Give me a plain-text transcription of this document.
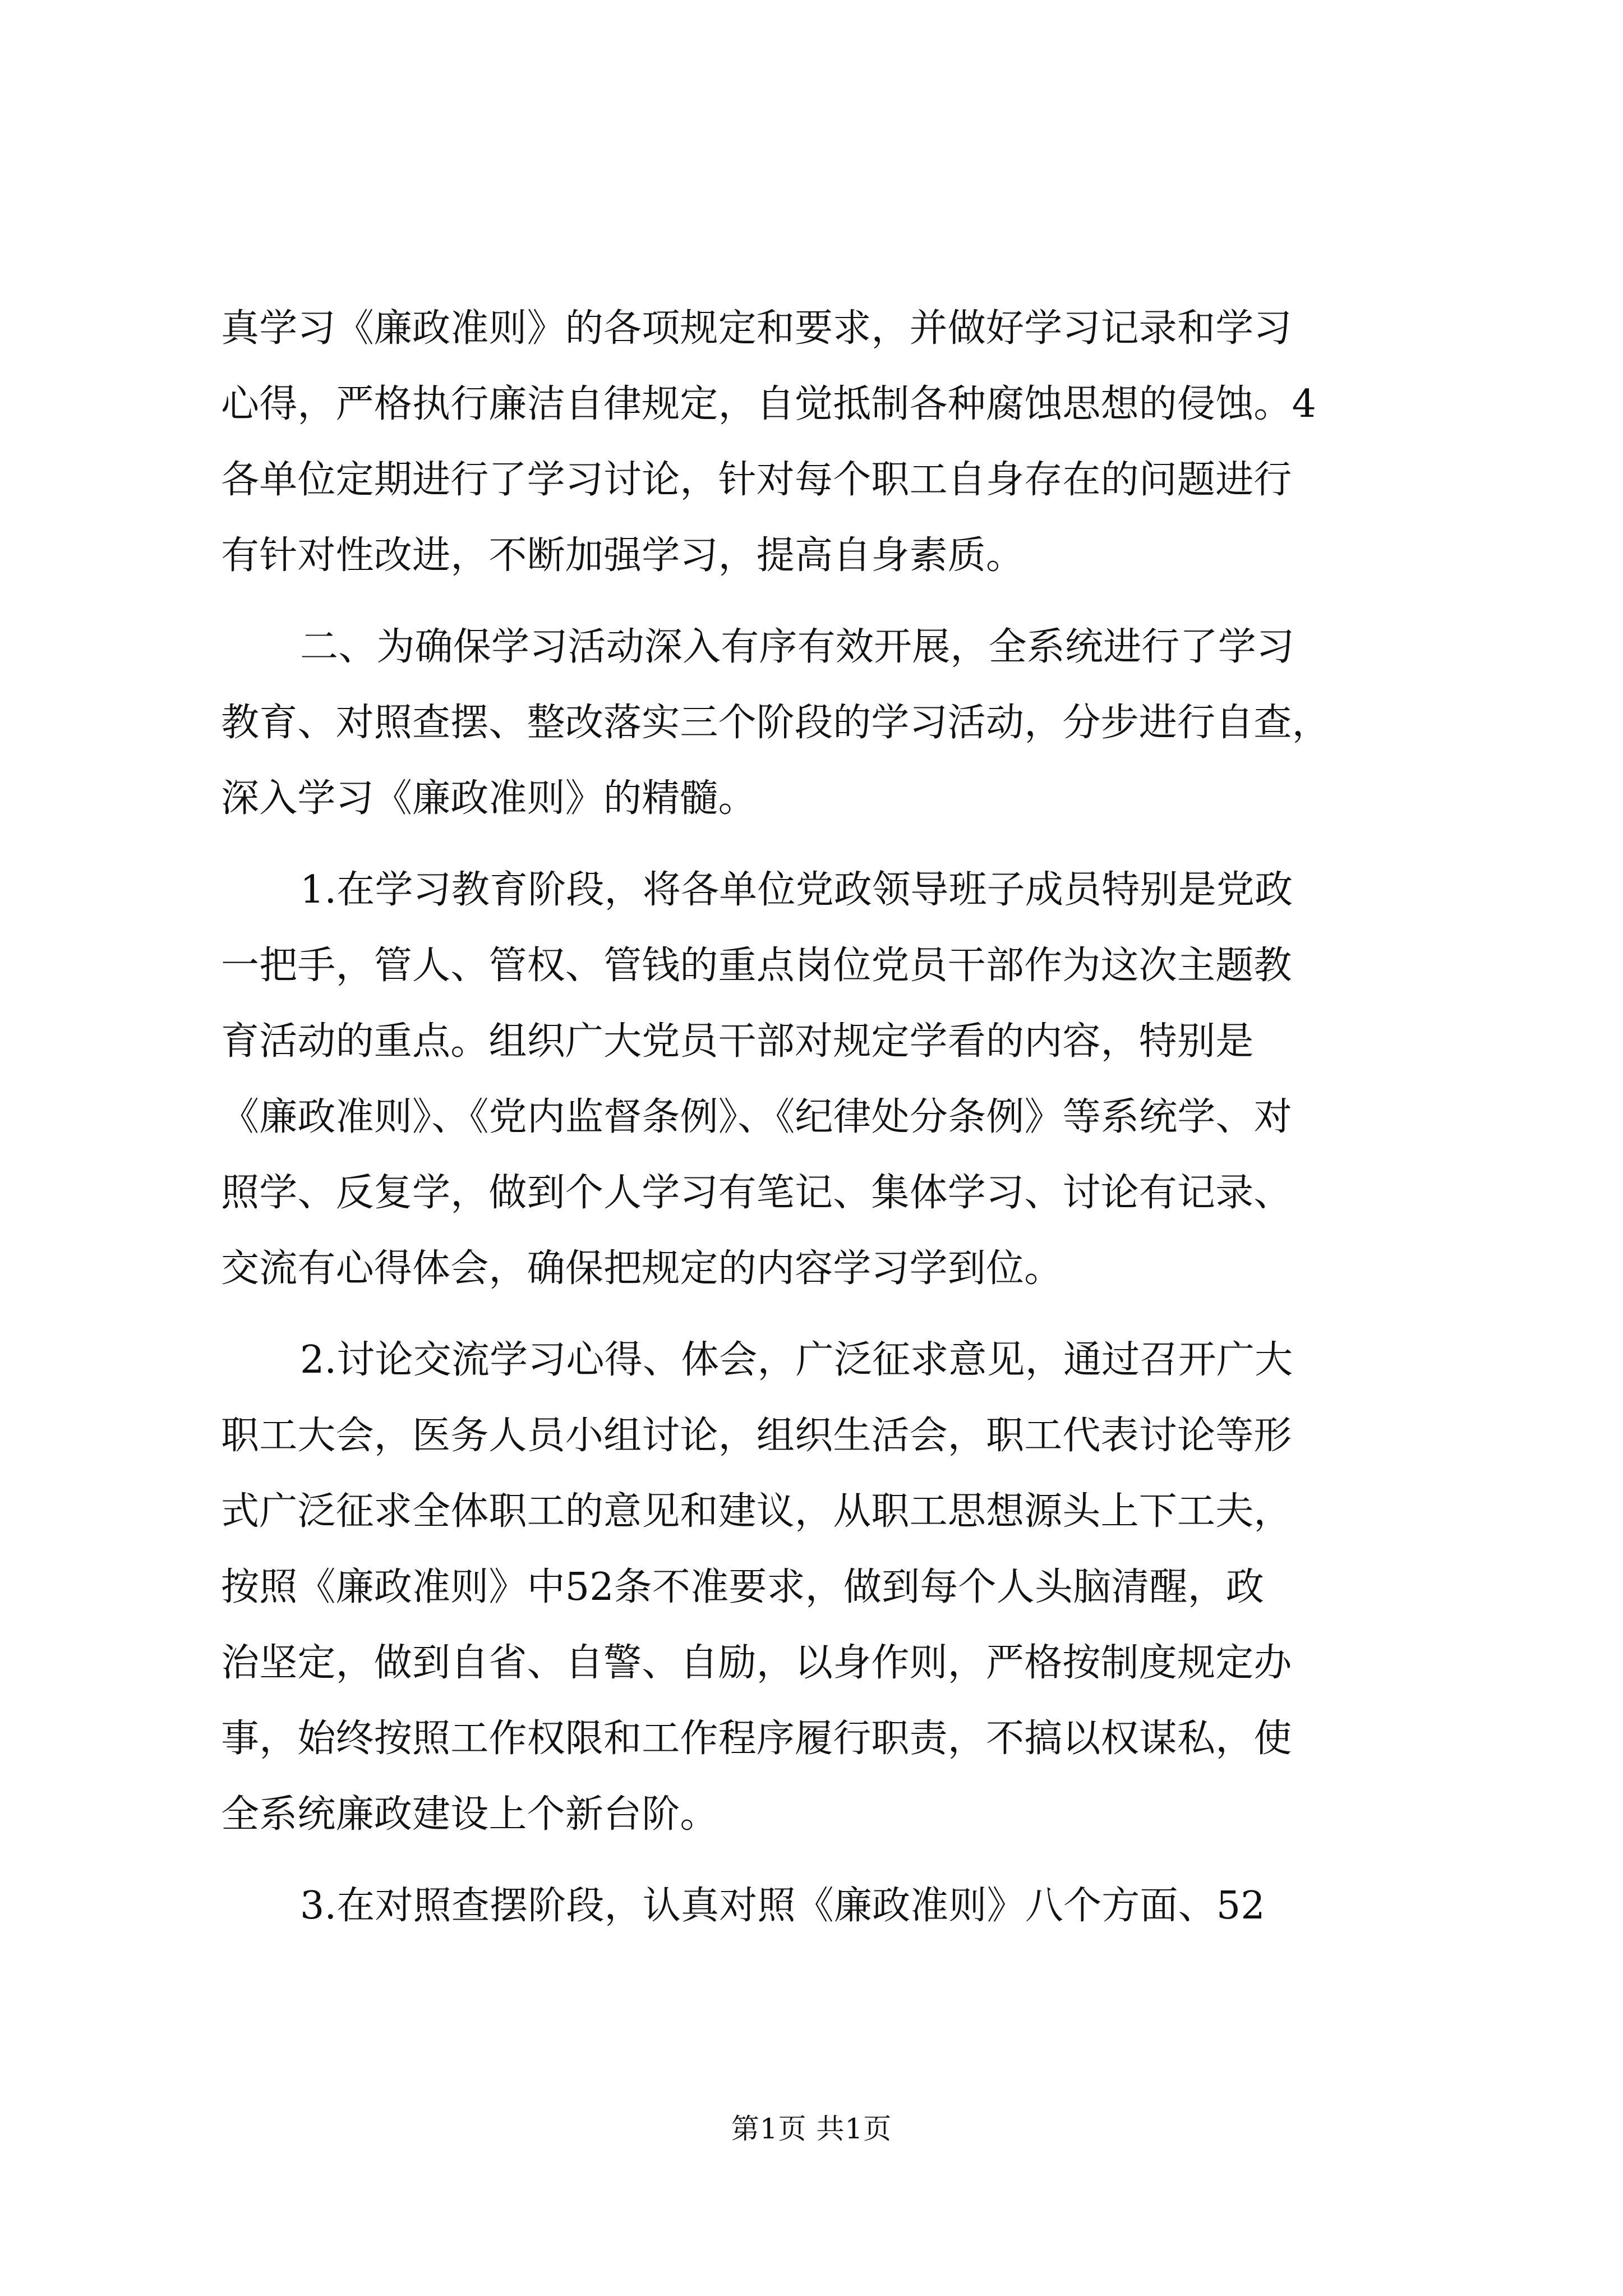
真学习《廉政准则》的各项规定和要求，并做好学习记录和学习
心得，严格执行廉洁自律规定，自觉抵制各种腐蚀思想的侵蚀。4
各单位定期进行了学习讨论，针对每个职工自身存在的问题进行
有针对性改进，不断加强学习，提高自身素质。
二、为确保学习活动深入有序有效开展，全系统进行了学习
教育、对照查摆、整改落实三个阶段的学习活动，分步进行自查，
深入学习《廉政准则》的精髓。
1.在学习教育阶段，将各单位党政领导班子成员特别是党政
一把手，管人、管权、管钱的重点岗位党员干部作为这次主题教
育活动的重点。组织广大党员干部对规定学看的内容，特别是
《廉政准则》、《党内监督条例》、《纪律处分条例》等系统学、对
照学、反复学，做到个人学习有笔记、集体学习、讨论有记录、
交流有心得体会，确保把规定的内容学习学到位。
2.讨论交流学习心得、体会，广泛征求意见，通过召开广大
职工大会，医务人员小组讨论，组织生活会，职工代表讨论等形
式广泛征求全体职工的意见和建议，从职工思想源头上下工夫，
按照《廉政准则》中52条不准要求，做到每个人头脑清醒，政
治坚定，做到自省、自警、自励，以身作则，严格按制度规定办
事，始终按照工作权限和工作程序履行职责，不搞以权谋私，使
全系统廉政建设上个新台阶。
3.在对照查摆阶段，认真对照《廉政准则》八个方面、52
第1页 共1页
